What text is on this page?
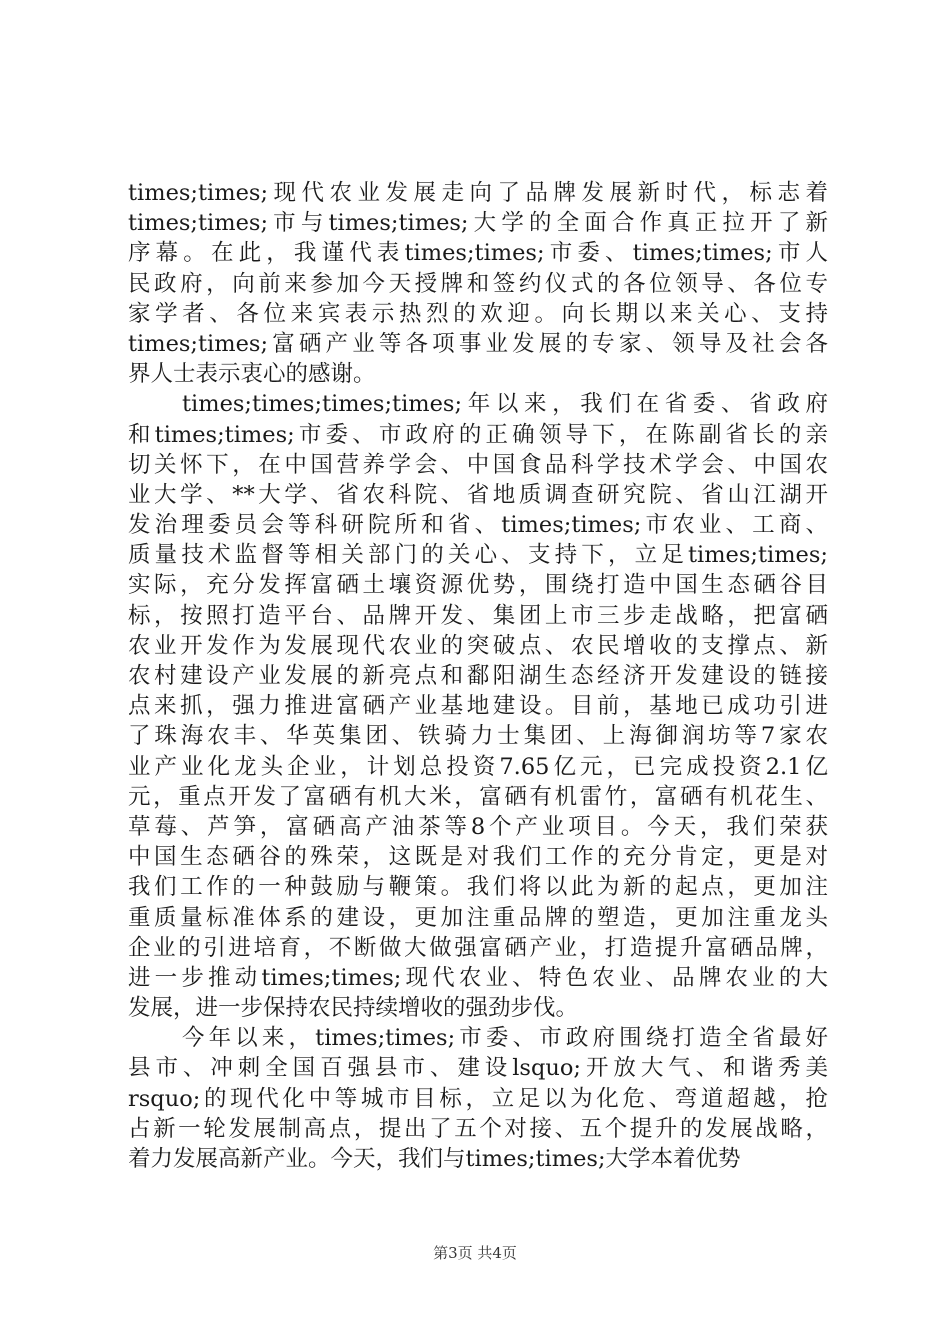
times;times;现代农业发展走向了品牌发展新时代，标志着
times;times;市与times;times;大学的全面合作真正拉开了新
序幕。在此，我谨代表times;times;市委、times;times;市人
民政府，向前来参加今天授牌和签约仪式的各位领导、各位专
家学者、各位来宾表示热烈的欢迎。向长期以来关心、支持
times;times;富硒产业等各项事业发展的专家、领导及社会各
界人士表示衷心的感谢。
times;times;times;times;年以来，我们在省委、省政府
和times;times;市委、市政府的正确领导下，在陈副省长的亲
切关怀下，在中国营养学会、中国食品科学技术学会、中国农
业大学、**大学、省农科院、省地质调查研究院、省山江湖开
发治理委员会等科研院所和省、times;times;市农业、工商、
质量技术监督等相关部门的关心、支持下，立足times;times;
实际，充分发挥富硒土壤资源优势，围绕打造中国生态硒谷目
标，按照打造平台、品牌开发、集团上市三步走战略，把富硒
农业开发作为发展现代农业的突破点、农民增收的支撑点、新
农村建设产业发展的新亮点和鄱阳湖生态经济开发建设的链接
点来抓，强力推进富硒产业基地建设。目前，基地已成功引进
了珠海农丰、华英集团、铁骑力士集团、上海御润坊等7家农
业产业化龙头企业，计划总投资7.65亿元，已完成投资2.1亿
元，重点开发了富硒有机大米，富硒有机雷竹，富硒有机花生、
草莓、芦笋，富硒高产油茶等8个产业项目。今天，我们荣获
中国生态硒谷的殊荣，这既是对我们工作的充分肯定，更是对
我们工作的一种鼓励与鞭策。我们将以此为新的起点，更加注
重质量标准体系的建设，更加注重品牌的塑造，更加注重龙头
企业的引进培育，不断做大做强富硒产业，打造提升富硒品牌，
进一步推动times;times;现代农业、特色农业、品牌农业的大
发展，进一步保持农民持续增收的强劲步伐。
今年以来，times;times;市委、市政府围绕打造全省最好
县市、冲刺全国百强县市、建设lsquo;开放大气、和谐秀美
rsquo;的现代化中等城市目标，立足以为化危、弯道超越，抢
占新一轮发展制高点，提出了五个对接、五个提升的发展战略，
着力发展高新产业。今天，我们与times;times;大学本着优势
第3页 共4页
